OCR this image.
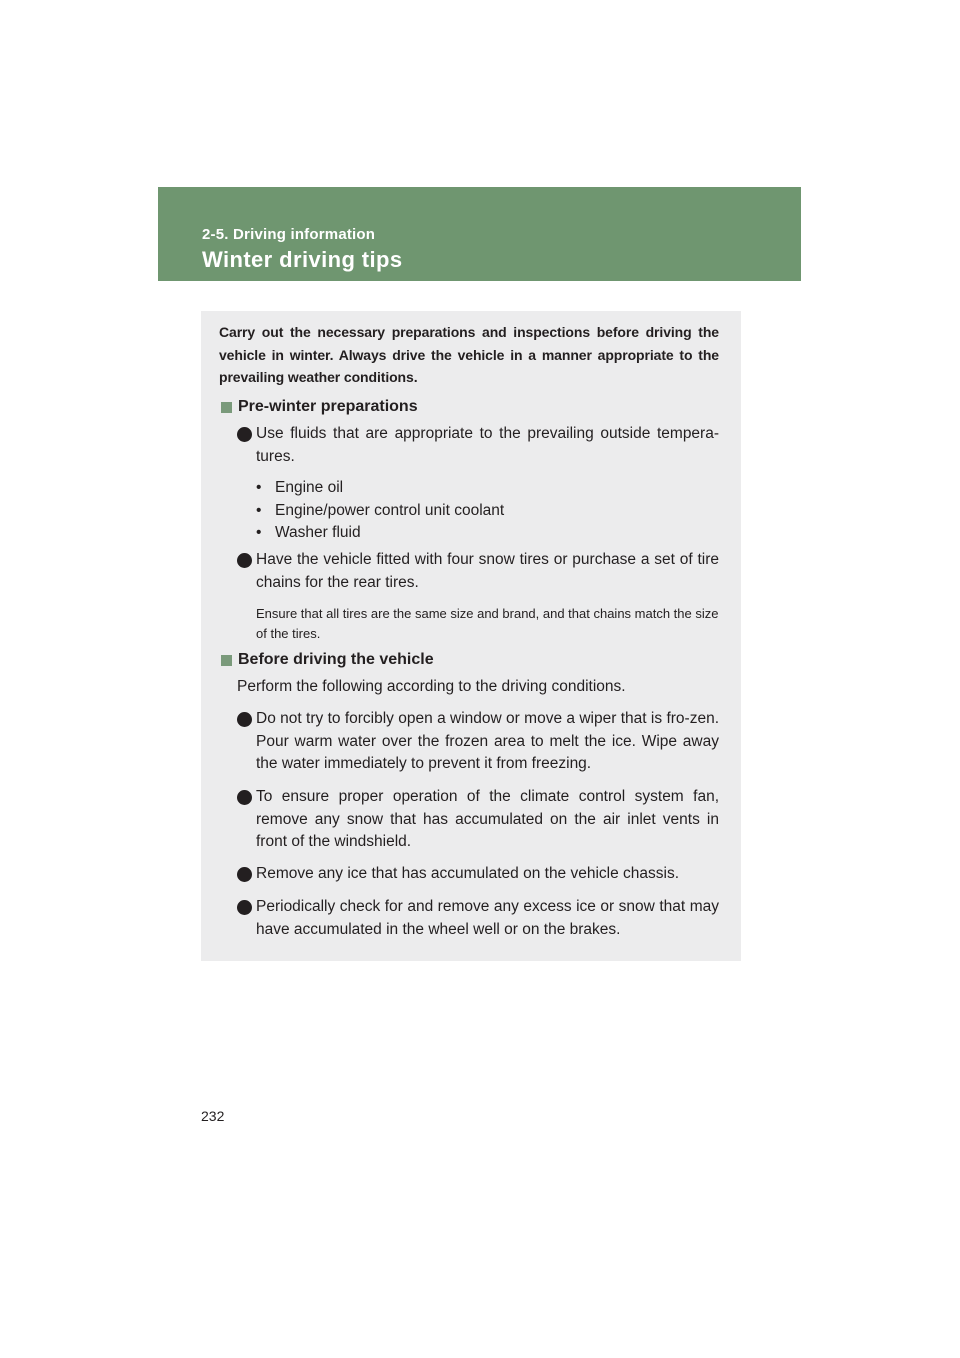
2-5. Driving information
Winter driving tips
Carry out the necessary preparations and inspections before driving the vehicle in winter. Always drive the vehicle in a manner appropriate to the prevailing weather conditions.
Pre-winter preparations
Use fluids that are appropriate to the prevailing outside tempera-tures.
• Engine oil
• Engine/power control unit coolant
• Washer fluid
Have the vehicle fitted with four snow tires or purchase a set of tire chains for the rear tires.
Ensure that all tires are the same size and brand, and that chains match the size of the tires.
Before driving the vehicle
Perform the following according to the driving conditions.
Do not try to forcibly open a window or move a wiper that is fro-zen. Pour warm water over the frozen area to melt the ice. Wipe away the water immediately to prevent it from freezing.
To ensure proper operation of the climate control system fan, remove any snow that has accumulated on the air inlet vents in front of the windshield.
Remove any ice that has accumulated on the vehicle chassis.
Periodically check for and remove any excess ice or snow that may have accumulated in the wheel well or on the brakes.
232
